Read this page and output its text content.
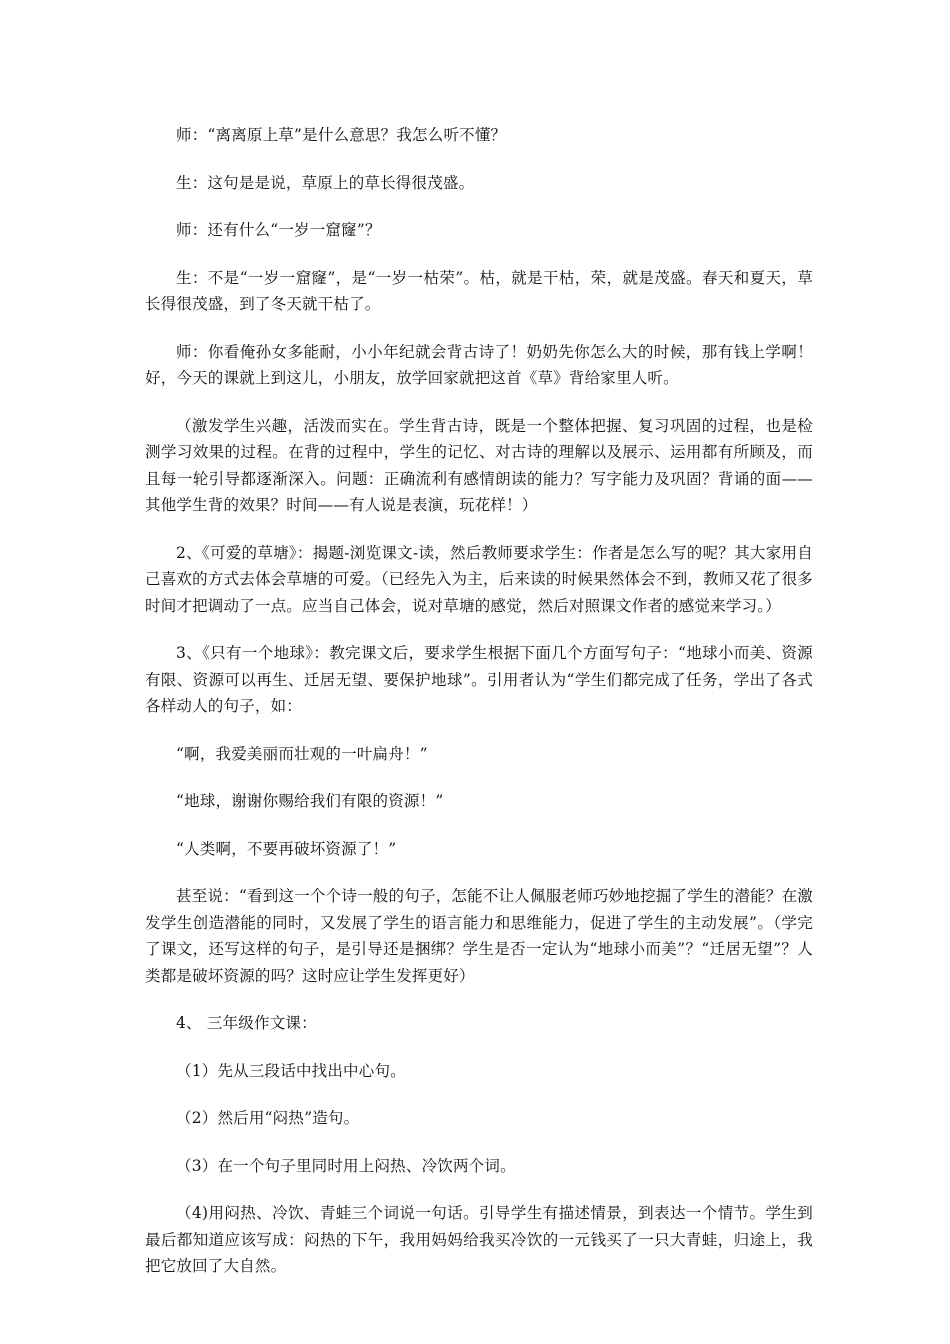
师：“离离原上草”是什么意思？我怎么听不懂？

生：这句是是说，草原上的草长得很茂盛。

师：还有什么“一岁一窟窿”？

生：不是“一岁一窟窿”，是“一岁一枯荣”。枯，就是干枯，荣，就是茂盛。春天和夏天，草长得很茂盛，到了冬天就干枯了。

师：你看俺孙女多能耐，小小年纪就会背古诗了！奶奶先你怎么大的时候，那有钱上学啊！好，今天的课就上到这儿，小朋友，放学回家就把这首《草》背给家里人听。

（激发学生兴趣，活泼而实在。学生背古诗，既是一个整体把握、复习巩固的过程，也是检测学习效果的过程。在背的过程中，学生的记忆、对古诗的理解以及展示、运用都有所顾及，而且每一轮引导都逐渐深入。问题：正确流利有感情朗读的能力？写字能力及巩固？背诵的面——其他学生背的效果？时间——有人说是表演，玩花样！）

2、《可爱的草塘》：揭题-浏览课文-读，然后教师要求学生：作者是怎么写的呢？其大家用自己喜欢的方式去体会草塘的可爱。（已经先入为主，后来读的时候果然体会不到，教师又花了很多时间才把调动了一点。应当自己体会，说对草塘的感觉，然后对照课文作者的感觉来学习。）

3、《只有一个地球》：教完课文后，要求学生根据下面几个方面写句子：“地球小而美、资源有限、资源可以再生、迁居无望、要保护地球”。引用者认为“学生们都完成了任务，学出了各式各样动人的句子，如：

“啊，我爱美丽而壮观的一叶扁舟！”

“地球，谢谢你赐给我们有限的资源！”

“人类啊，不要再破坏资源了！”

甚至说：“看到这一个个诗一般的句子，怎能不让人佩服老师巧妙地挖掘了学生的潜能？在激发学生创造潜能的同时，又发展了学生的语言能力和思维能力，促进了学生的主动发展”。（学完了课文，还写这样的句子，是引导还是捆绑？学生是否一定认为“地球小而美”？“迁居无望”？人类都是破坏资源的吗？这时应让学生发挥更好）

4、 三年级作文课：

（1）先从三段话中找出中心句。

（2）然后用“闷热”造句。

（3）在一个句子里同时用上闷热、冷饮两个词。

（4)用闷热、冷饮、青蛙三个词说一句话。引导学生有描述情景，到表达一个情节。学生到最后都知道应该写成：闷热的下午，我用妈妈给我买冷饮的一元钱买了一只大青蛙，归途上，我把它放回了大自然。
